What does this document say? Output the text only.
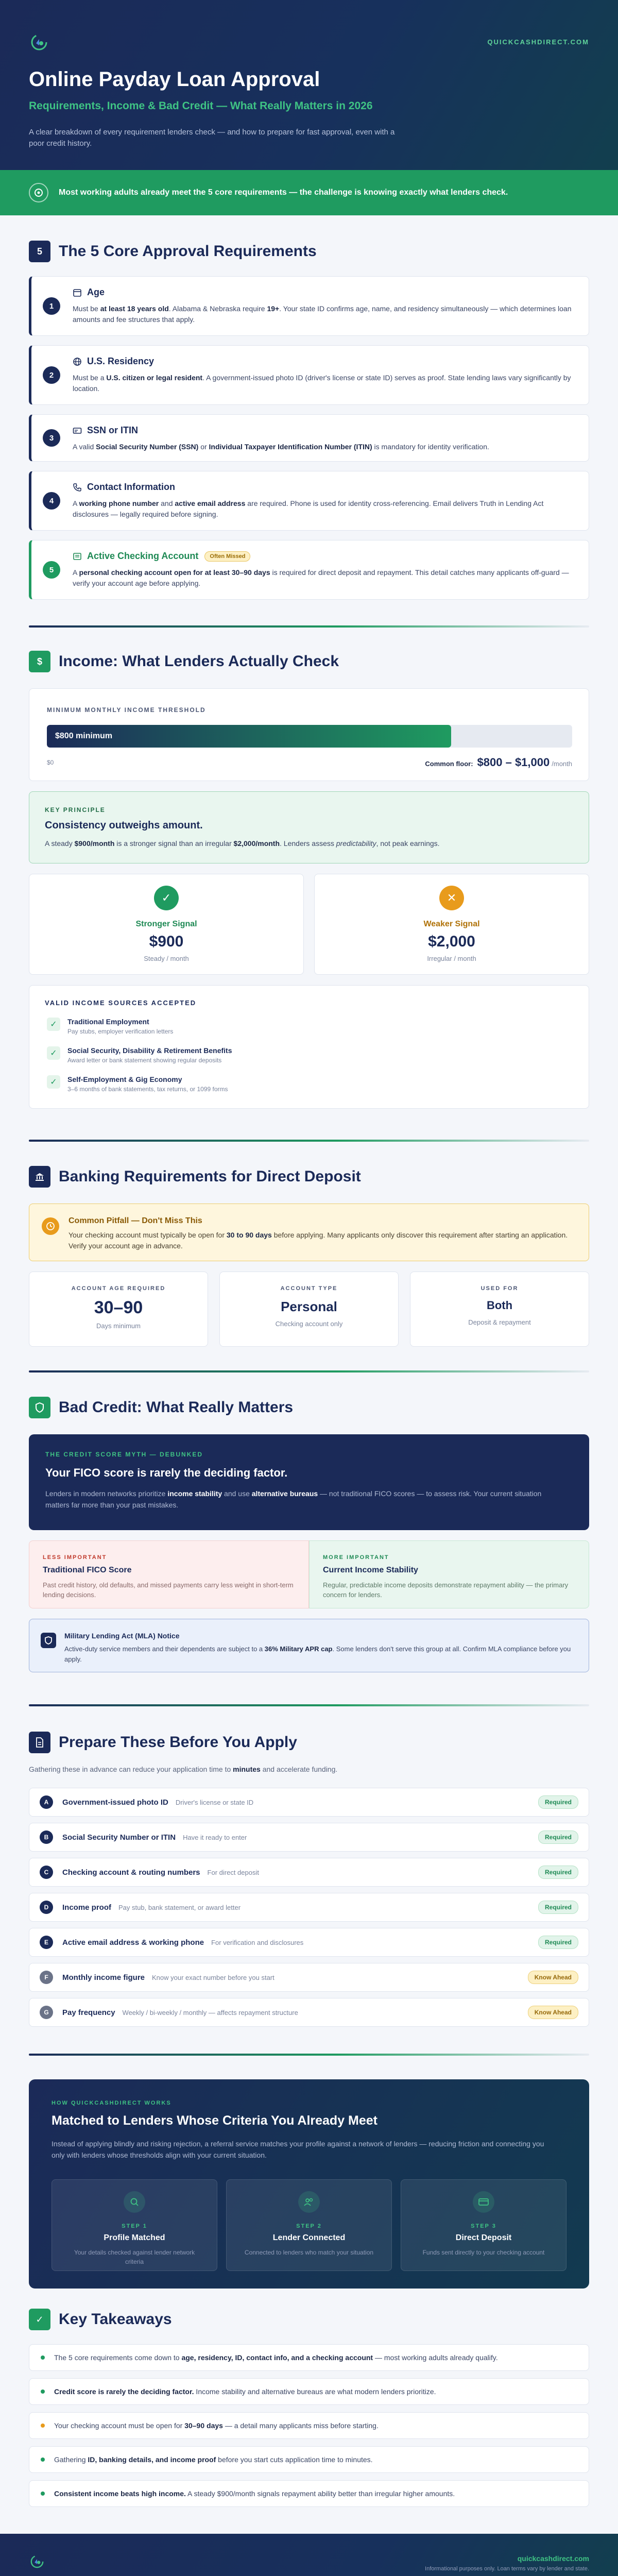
QUICKCASHDIRECT.COM
Online Payday Loan Approval
Requirements, Income & Bad Credit — What Really Matters in 2026

A clear breakdown of every requirement lenders check — and how to prepare for fast approval, even with a poor credit history.

Most working adults already meet the 5 core requirements — the challenge is knowing exactly what lenders check.
5	The 5 Core Approval Requirements
1
Age

Must be at least 18 years old. Alabama & Nebraska require 19+. Your state ID confirms age, name, and residency simultaneously — which determines loan amounts and fee structures that apply.

2
U.S. Residency

Must be a U.S. citizen or legal resident. A government-issued photo ID (driver's license or state ID) serves as proof. State lending laws vary significantly by location.

3
SSN or ITIN

A valid Social Security Number (SSN) or Individual Taxpayer Identification Number (ITIN) is mandatory for identity verification.

4
Contact Information

A working phone number and active email address are required. Phone is used for identity cross-referencing. Email delivers Truth in Lending Act disclosures — legally required before signing.

5
Active Checking Account	Often Missed

A personal checking account open for at least 30–90 days is required for direct deposit and repayment. This detail catches many applicants off-guard — verify your account age before applying.

$	Income: What Lenders Actually Check
MINIMUM MONTHLY INCOME THRESHOLD
$800 minimum
$0	Common floor: $800 – $1,000 /month
KEY PRINCIPLE
Consistency outweighs amount.

A steady $900/month is a stronger signal than an irregular $2,000/month. Lenders assess predictability, not peak earnings.

✓
Stronger Signal
$900
Steady / month
✕
Weaker Signal
$2,000
Irregular / month
VALID INCOME SOURCES ACCEPTED
✓	Traditional Employment
Pay stubs, employer verification letters
✓	Social Security, Disability & Retirement Benefits
Award letter or bank statement showing regular deposits
✓	Self-Employment & Gig Economy
3–6 months of bank statements, tax returns, or 1099 forms
Banking Requirements for Direct Deposit
Common Pitfall — Don't Miss This

Your checking account must typically be open for 30 to 90 days before applying. Many applicants only discover this requirement after starting an application. Verify your account age in advance.

ACCOUNT AGE REQUIRED
30–90
Days minimum
ACCOUNT TYPE
Personal
Checking account only
USED FOR
Both
Deposit & repayment
Bad Credit: What Really Matters
THE CREDIT SCORE MYTH — DEBUNKED
Your FICO score is rarely the deciding factor.

Lenders in modern networks prioritize income stability and use alternative bureaus — not traditional FICO scores — to assess risk. Your current situation matters far more than your past mistakes.

LESS IMPORTANT
Traditional FICO Score

Past credit history, old defaults, and missed payments carry less weight in short-term lending decisions.

MORE IMPORTANT
Current Income Stability

Regular, predictable income deposits demonstrate repayment ability — the primary concern for lenders.

Military Lending Act (MLA) Notice

Active-duty service members and their dependents are subject to a 36% Military APR cap. Some lenders don't serve this group at all. Confirm MLA compliance before you apply.

Prepare These Before You Apply

Gathering these in advance can reduce your application time to minutes and accelerate funding.

A	Government-issued photo ID Driver's license or state ID	Required
B	Social Security Number or ITIN Have it ready to enter	Required
C	Checking account & routing numbers For direct deposit	Required
D	Income proof Pay stub, bank statement, or award letter	Required
E	Active email address & working phone For verification and disclosures	Required
F	Monthly income figure Know your exact number before you start	Know Ahead
G	Pay frequency Weekly / bi-weekly / monthly — affects repayment structure	Know Ahead
HOW QUICKCASHDIRECT WORKS
Matched to Lenders Whose Criteria You Already Meet

Instead of applying blindly and risking rejection, a referral service matches your profile against a network of lenders — reducing friction and connecting you only with lenders whose thresholds align with your current situation.

STEP 1
Profile Matched
Your details checked against lender network criteria
STEP 2
Lender Connected
Connected to lenders who match your situation
STEP 3
Direct Deposit
Funds sent directly to your checking account
✓ Key Takeaways
The 5 core requirements come down to age, residency, ID, contact info, and a checking account — most working adults already qualify.
Credit score is rarely the deciding factor. Income stability and alternative bureaus are what modern lenders prioritize.
Your checking account must be open for 30–90 days — a detail many applicants miss before starting.
Gathering ID, banking details, and income proof before you start cuts application time to minutes.
Consistent income beats high income. A steady $900/month signals repayment ability better than irregular higher amounts.
quickcashdirect.com
Informational purposes only. Loan terms vary by lender and state.
